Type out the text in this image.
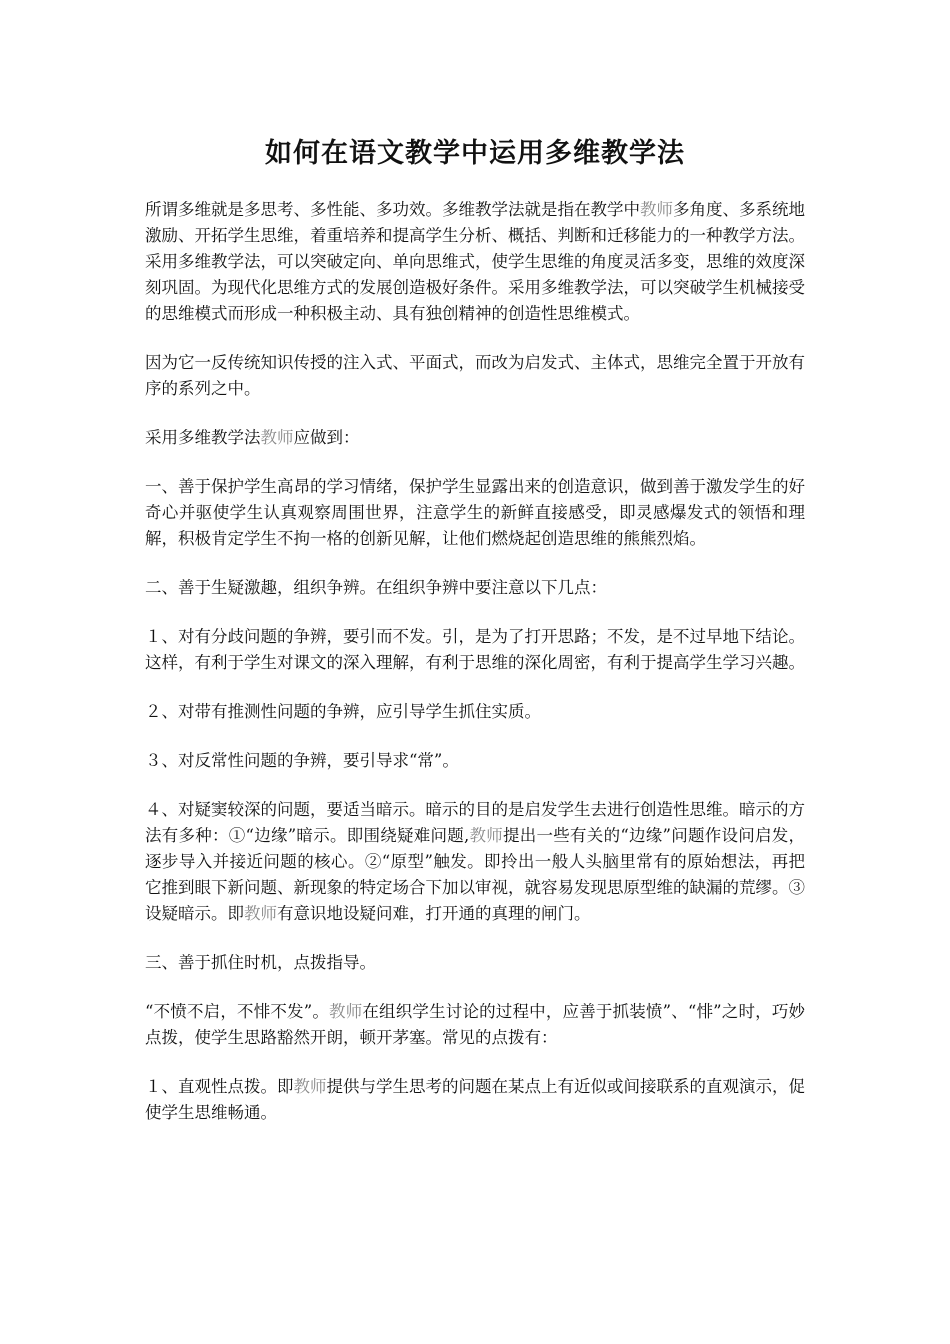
如何在语文教学中运用多维教学法

所谓多维就是多思考、多性能、多功效。多维教学法就是指在教学中教师多角度、多系统地激励、开拓学生思维，着重培养和提高学生分析、概括、判断和迁移能力的一种教学方法。采用多维教学法，可以突破定向、单向思维式，使学生思维的角度灵活多变，思维的效度深刻巩固。为现代化思维方式的发展创造极好条件。采用多维教学法，可以突破学生机械接受的思维模式而形成一种积极主动、具有独创精神的创造性思维模式。

因为它一反传统知识传授的注入式、平面式，而改为启发式、主体式，思维完全置于开放有序的系列之中。

采用多维教学法教师应做到：

一、善于保护学生高昂的学习情绪，保护学生显露出来的创造意识，做到善于激发学生的好奇心并驱使学生认真观察周围世界，注意学生的新鲜直接感受，即灵感爆发式的领悟和理解，积极肯定学生不拘一格的创新见解，让他们燃烧起创造思维的熊熊烈焰。

二、善于生疑激趣，组织争辨。在组织争辨中要注意以下几点：

１、对有分歧问题的争辨，要引而不发。引，是为了打开思路；不发，是不过早地下结论。这样，有利于学生对课文的深入理解，有利于思维的深化周密，有利于提高学生学习兴趣。

２、对带有推测性问题的争辨，应引导学生抓住实质。

３、对反常性问题的争辨，要引导求“常”。

４、对疑窦较深的问题，要适当暗示。暗示的目的是启发学生去进行创造性思维。暗示的方法有多种：①“边缘”暗示。即围绕疑难问题,教师提出一些有关的“边缘”问题作设问启发，逐步导入并接近问题的核心。②“原型”触发。即拎出一般人头脑里常有的原始想法，再把它推到眼下新问题、新现象的特定场合下加以审视，就容易发现思原型维的缺漏的荒缪。③设疑暗示。即教师有意识地设疑问难，打开通的真理的闸门。

三、善于抓住时机，点拨指导。

“不愤不启，不悱不发”。教师在组织学生讨论的过程中，应善于抓装愤”、“悱”之时，巧妙点拨，使学生思路豁然开朗，顿开茅塞。常见的点拨有：

１、直观性点拨。即教师提供与学生思考的问题在某点上有近似或间接联系的直观演示，促使学生思维畅通。
